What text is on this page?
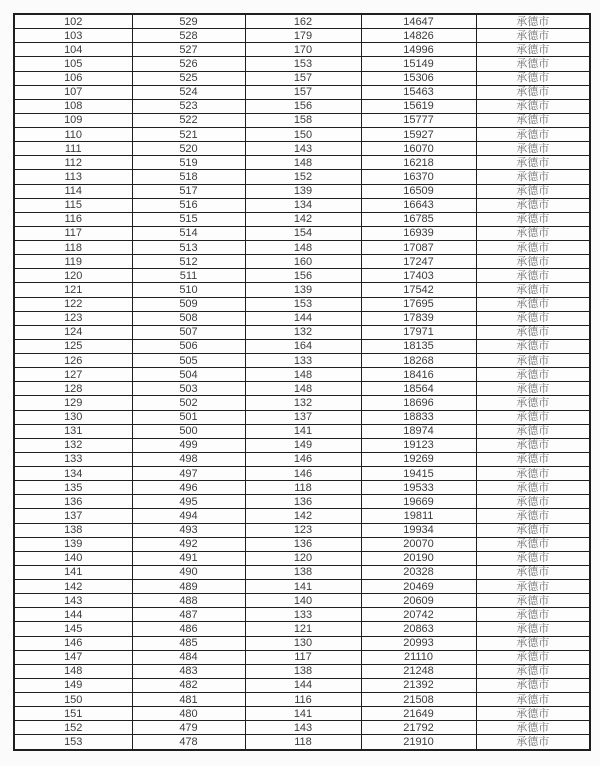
102	529	162	14647	承德市
103	528	179	14826	承德市
104	527	170	14996	承德市
105	526	153	15149	承德市
106	525	157	15306	承德市
107	524	157	15463	承德市
108	523	156	15619	承德市
109	522	158	15777	承德市
110	521	150	15927	承德市
111	520	143	16070	承德市
112	519	148	16218	承德市
113	518	152	16370	承德市
114	517	139	16509	承德市
115	516	134	16643	承德市
116	515	142	16785	承德市
117	514	154	16939	承德市
118	513	148	17087	承德市
119	512	160	17247	承德市
120	511	156	17403	承德市
121	510	139	17542	承德市
122	509	153	17695	承德市
123	508	144	17839	承德市
124	507	132	17971	承德市
125	506	164	18135	承德市
126	505	133	18268	承德市
127	504	148	18416	承德市
128	503	148	18564	承德市
129	502	132	18696	承德市
130	501	137	18833	承德市
131	500	141	18974	承德市
132	499	149	19123	承德市
133	498	146	19269	承德市
134	497	146	19415	承德市
135	496	118	19533	承德市
136	495	136	19669	承德市
137	494	142	19811	承德市
138	493	123	19934	承德市
139	492	136	20070	承德市
140	491	120	20190	承德市
141	490	138	20328	承德市
142	489	141	20469	承德市
143	488	140	20609	承德市
144	487	133	20742	承德市
145	486	121	20863	承德市
146	485	130	20993	承德市
147	484	117	21110	承德市
148	483	138	21248	承德市
149	482	144	21392	承德市
150	481	116	21508	承德市
151	480	141	21649	承德市
152	479	143	21792	承德市
153	478	118	21910	承德市
